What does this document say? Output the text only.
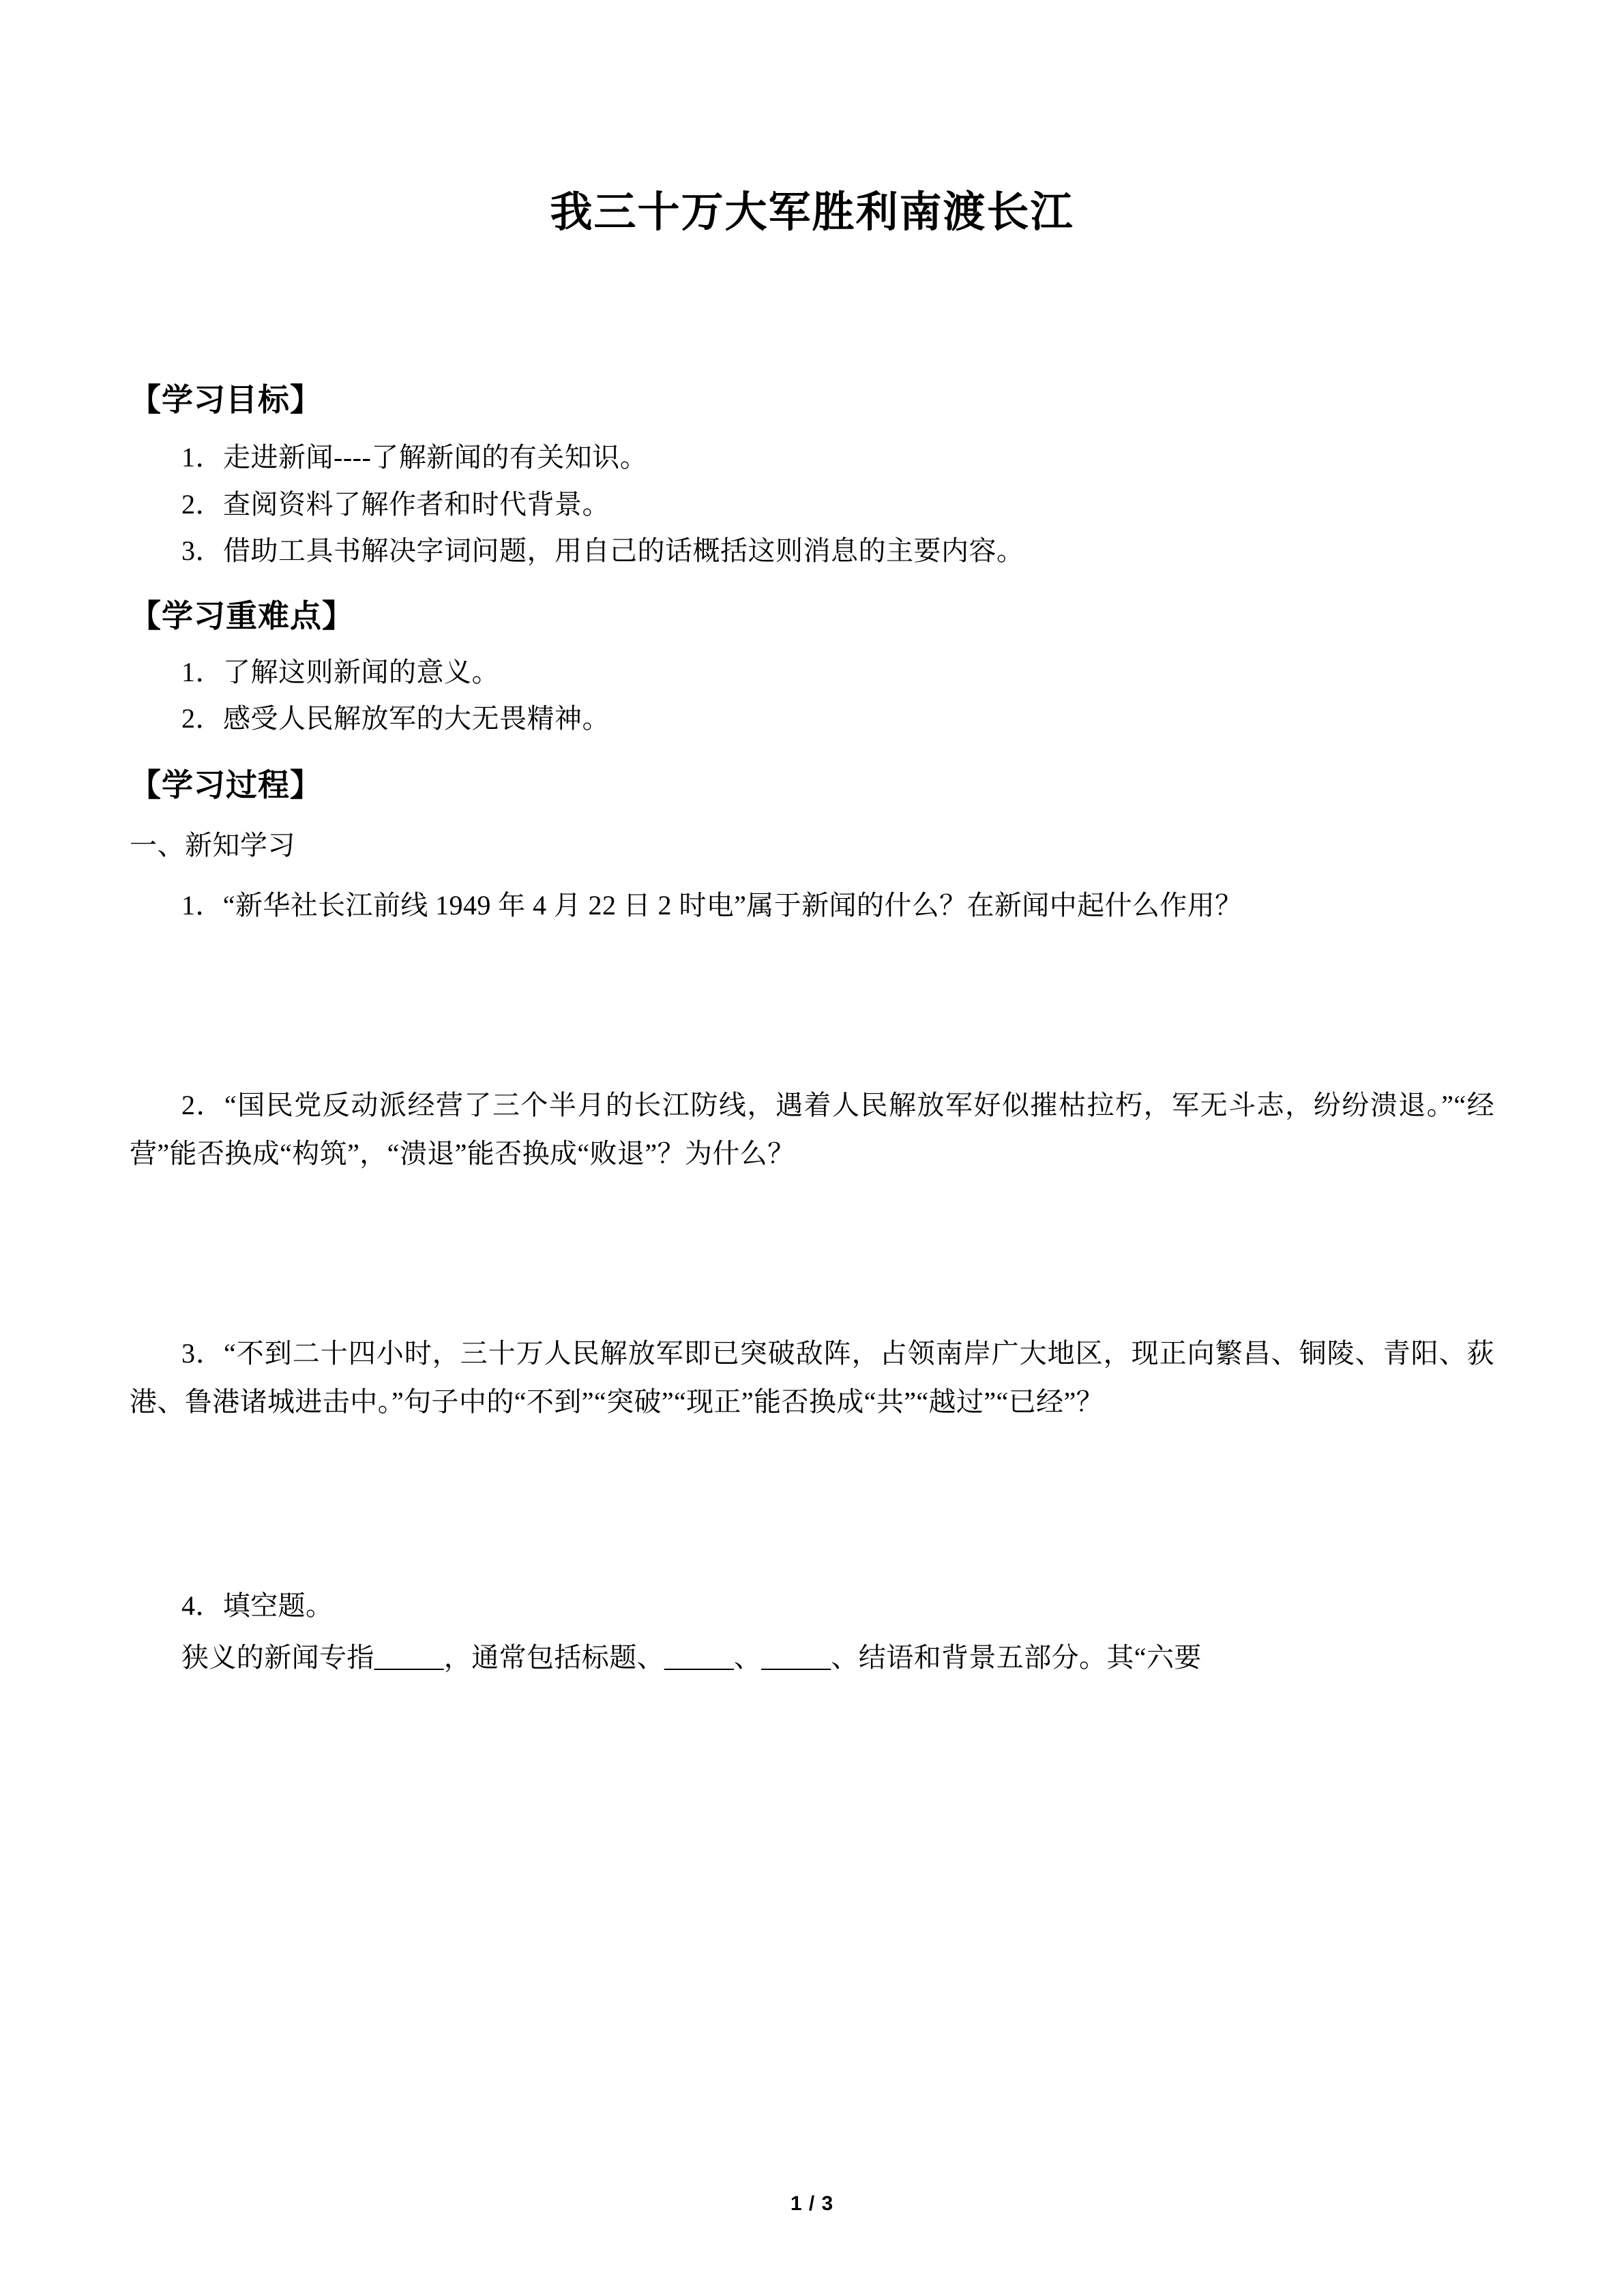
我三十万大军胜利南渡长江
【学习目标】
1．走进新闻----了解新闻的有关知识。
2．查阅资料了解作者和时代背景。
3．借助工具书解决字词问题，用自己的话概括这则消息的主要内容。
【学习重难点】
1．了解这则新闻的意义。
2．感受人民解放军的大无畏精神。
【学习过程】

一、新知学习

1．“新华社长江前线 1949 年 4 月 22 日 2 时电”属于新闻的什么？在新闻中起什么作用？

2．“国民党反动派经营了三个半月的长江防线，遇着人民解放军好似摧枯拉朽，军无斗志，纷纷溃退。”“经营”能否换成“构筑”，“溃退”能否换成“败退”？为什么？

3．“不到二十四小时，三十万人民解放军即已突破敌阵，占领南岸广大地区，现正向繁昌、铜陵、青阳、荻港、鲁港诸城进击中。”句子中的“不到”“突破”“现正”能否换成“共”“越过”“已经”？

4．填空题。

狭义的新闻专指_____，通常包括标题、_____、_____、结语和背景五部分。其“六要

1 / 3
